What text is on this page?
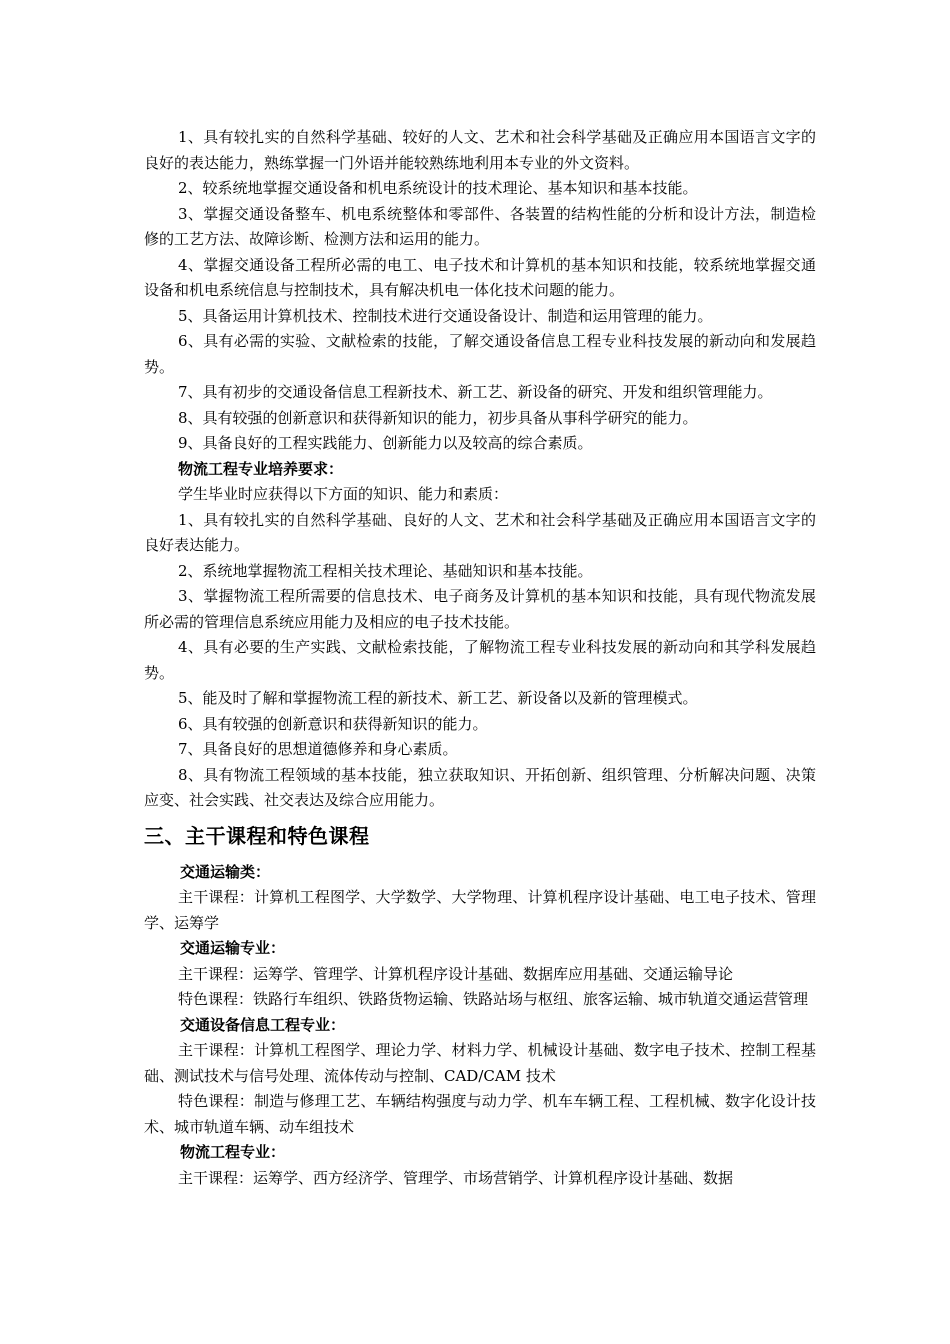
1、具有较扎实的自然科学基础、较好的人文、艺术和社会科学基础及正确应用本国语言文字的良好的表达能力，熟练掌握一门外语并能较熟练地利用本专业的外文资料。

2、较系统地掌握交通设备和机电系统设计的技术理论、基本知识和基本技能。

3、掌握交通设备整车、机电系统整体和零部件、各装置的结构性能的分析和设计方法，制造检修的工艺方法、故障诊断、检测方法和运用的能力。

4、掌握交通设备工程所必需的电工、电子技术和计算机的基本知识和技能，较系统地掌握交通设备和机电系统信息与控制技术，具有解决机电一体化技术问题的能力。

5、具备运用计算机技术、控制技术进行交通设备设计、制造和运用管理的能力。

6、具有必需的实验、文献检索的技能，了解交通设备信息工程专业科技发展的新动向和发展趋势。

7、具有初步的交通设备信息工程新技术、新工艺、新设备的研究、开发和组织管理能力。

8、具有较强的创新意识和获得新知识的能力，初步具备从事科学研究的能力。

9、具备良好的工程实践能力、创新能力以及较高的综合素质。

物流工程专业培养要求：

学生毕业时应获得以下方面的知识、能力和素质：

1、具有较扎实的自然科学基础、良好的人文、艺术和社会科学基础及正确应用本国语言文字的良好表达能力。

2、系统地掌握物流工程相关技术理论、基础知识和基本技能。

3、掌握物流工程所需要的信息技术、电子商务及计算机的基本知识和技能，具有现代物流发展所必需的管理信息系统应用能力及相应的电子技术技能。

4、具有必要的生产实践、文献检索技能，了解物流工程专业科技发展的新动向和其学科发展趋势。

5、能及时了解和掌握物流工程的新技术、新工艺、新设备以及新的管理模式。

6、具有较强的创新意识和获得新知识的能力。

7、具备良好的思想道德修养和身心素质。

8、具有物流工程领域的基本技能，独立获取知识、开拓创新、组织管理、分析解决问题、决策应变、社会实践、社交表达及综合应用能力。

三、主干课程和特色课程

交通运输类：

主干课程：计算机工程图学、大学数学、大学物理、计算机程序设计基础、电工电子技术、管理学、运筹学

交通运输专业：

主干课程：运筹学、管理学、计算机程序设计基础、数据库应用基础、交通运输导论

特色课程：铁路行车组织、铁路货物运输、铁路站场与枢纽、旅客运输、城市轨道交通运营管理

交通设备信息工程专业：

主干课程：计算机工程图学、理论力学、材料力学、机械设计基础、数字电子技术、控制工程基础、测试技术与信号处理、流体传动与控制、CAD/CAM 技术

特色课程：制造与修理工艺、车辆结构强度与动力学、机车车辆工程、工程机械、数字化设计技术、城市轨道车辆、动车组技术

物流工程专业：

主干课程：运筹学、西方经济学、管理学、市场营销学、计算机程序设计基础、数据
